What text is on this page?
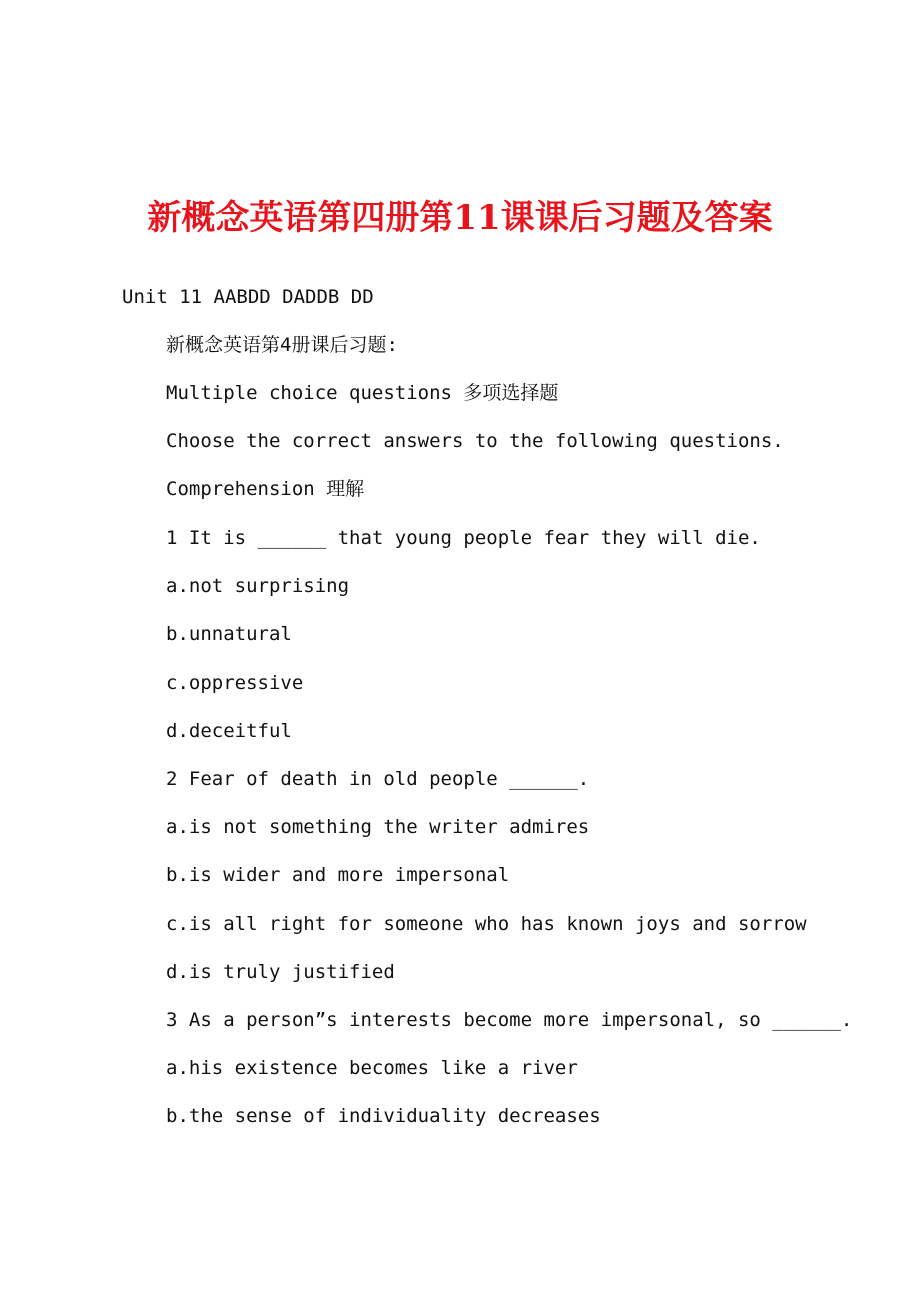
新概念英语第四册第11课课后习题及答案
Unit 11 AABDD DADDB DD
新概念英语第4册课后习题:
Multiple choice questions 多项选择题
Choose the correct answers to the following questions.
Comprehension 理解
1 It is ______ that young people fear they will die.
a.not surprising
b.unnatural
c.oppressive
d.deceitful
2 Fear of death in old people ______.
a.is not something the writer admires
b.is wider and more impersonal
c.is all right for someone who has known joys and sorrow
d.is truly justified
3 As a person”s interests become more impersonal, so ______.
a.his existence becomes like a river
b.the sense of individuality decreases
